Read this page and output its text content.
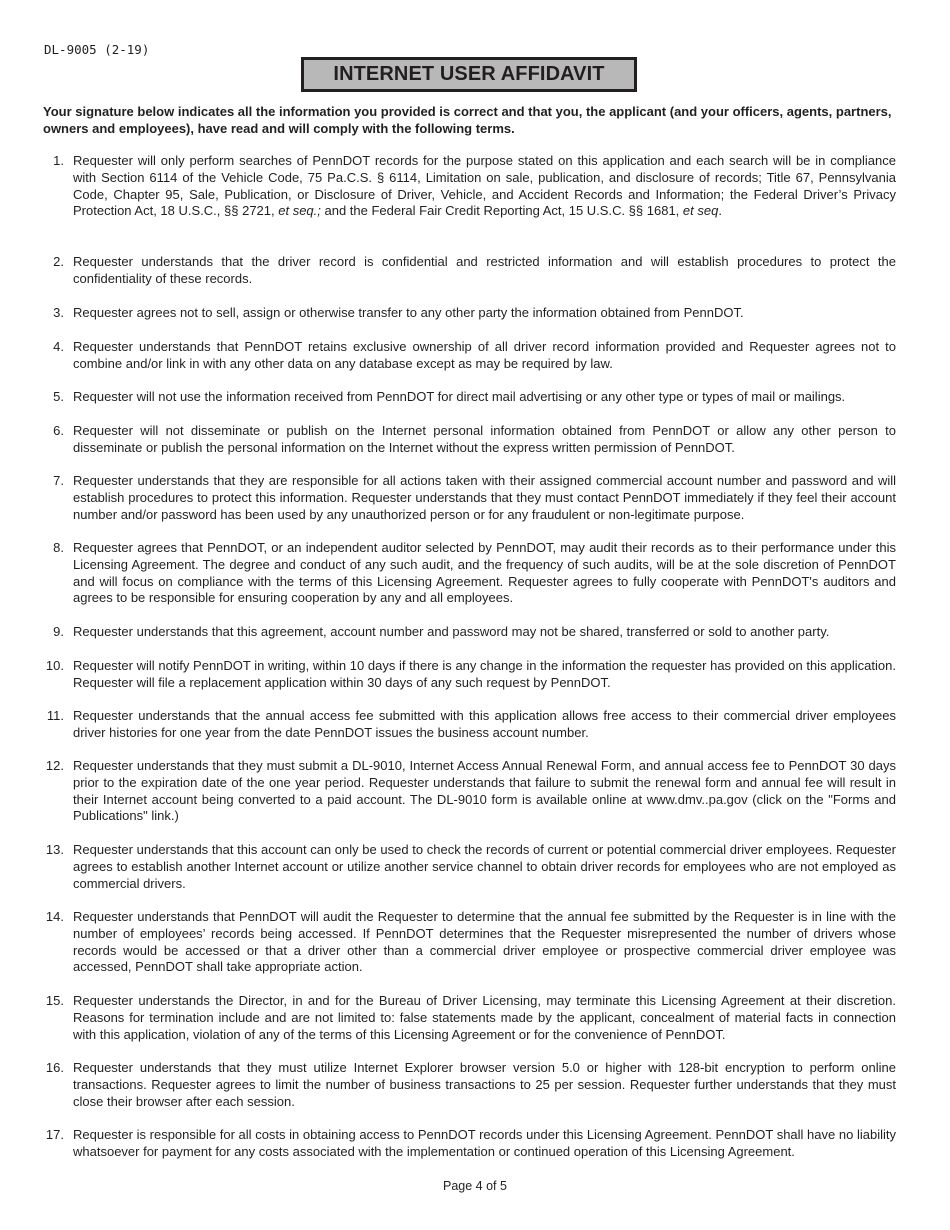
DL-9005 (2-19)
INTERNET USER AFFIDAVIT
Your signature below indicates all the information you provided is correct and that you, the applicant (and your officers, agents, partners, owners and employees), have read and will comply with the following terms.
1. Requester will only perform searches of PennDOT records for the purpose stated on this application and each search will be in compliance with Section 6114 of the Vehicle Code, 75 Pa.C.S. § 6114, Limitation on sale, publication, and disclosure of records; Title 67, Pennsylvania Code, Chapter 95, Sale, Publication, or Disclosure of Driver, Vehicle, and Accident Records and Information; the Federal Driver’s Privacy Protection Act, 18 U.S.C., §§ 2721, et seq.; and the Federal Fair Credit Reporting Act, 15 U.S.C. §§ 1681, et seq.
2. Requester understands that the driver record is confidential and restricted information and will establish procedures to protect the confidentiality of these records.
3. Requester agrees not to sell, assign or otherwise transfer to any other party the information obtained from PennDOT.
4. Requester understands that PennDOT retains exclusive ownership of all driver record information provided and Requester agrees not to combine and/or link in with any other data on any database except as may be required by law.
5. Requester will not use the information received from PennDOT for direct mail advertising or any other type or types of mail or mailings.
6. Requester will not disseminate or publish on the Internet personal information obtained from PennDOT or allow any other person to disseminate or publish the personal information on the Internet without the express written permission of PennDOT.
7. Requester understands that they are responsible for all actions taken with their assigned commercial account number and password and will establish procedures to protect this information. Requester understands that they must contact PennDOT immediately if they feel their account number and/or password has been used by any unauthorized person or for any fraudulent or non-legitimate purpose.
8. Requester agrees that PennDOT, or an independent auditor selected by PennDOT, may audit their records as to their performance under this Licensing Agreement. The degree and conduct of any such audit, and the frequency of such audits, will be at the sole discretion of PennDOT and will focus on compliance with the terms of this Licensing Agreement. Requester agrees to fully cooperate with PennDOT's auditors and agrees to be responsible for ensuring cooperation by any and all employees.
9. Requester understands that this agreement, account number and password may not be shared, transferred or sold to another party.
10. Requester will notify PennDOT in writing, within 10 days if there is any change in the information the requester has provided on this application. Requester will file a replacement application within 30 days of any such request by PennDOT.
11. Requester understands that the annual access fee submitted with this application allows free access to their commercial driver employees driver histories for one year from the date PennDOT issues the business account number.
12. Requester understands that they must submit a DL-9010, Internet Access Annual Renewal Form, and annual access fee to PennDOT 30 days prior to the expiration date of the one year period. Requester understands that failure to submit the renewal form and annual fee will result in their Internet account being converted to a paid account. The DL-9010 form is available online at www.dmv..pa.gov (click on the "Forms and Publications" link.)
13. Requester understands that this account can only be used to check the records of current or potential commercial driver employees. Requester agrees to establish another Internet account or utilize another service channel to obtain driver records for employees who are not employed as commercial drivers.
14. Requester understands that PennDOT will audit the Requester to determine that the annual fee submitted by the Requester is in line with the number of employees’ records being accessed. If PennDOT determines that the Requester misrepresented the number of drivers whose records would be accessed or that a driver other than a commercial driver employee or prospective commercial driver employee was accessed, PennDOT shall take appropriate action.
15. Requester understands the Director, in and for the Bureau of Driver Licensing, may terminate this Licensing Agreement at their discretion. Reasons for termination include and are not limited to: false statements made by the applicant, concealment of material facts in connection with this application, violation of any of the terms of this Licensing Agreement or for the convenience of PennDOT.
16. Requester understands that they must utilize Internet Explorer browser version 5.0 or higher with 128-bit encryption to perform online transactions. Requester agrees to limit the number of business transactions to 25 per session. Requester further understands that they must close their browser after each session.
17. Requester is responsible for all costs in obtaining access to PennDOT records under this Licensing Agreement. PennDOT shall have no liability whatsoever for payment for any costs associated with the implementation or continued operation of this Licensing Agreement.
Page 4 of 5
